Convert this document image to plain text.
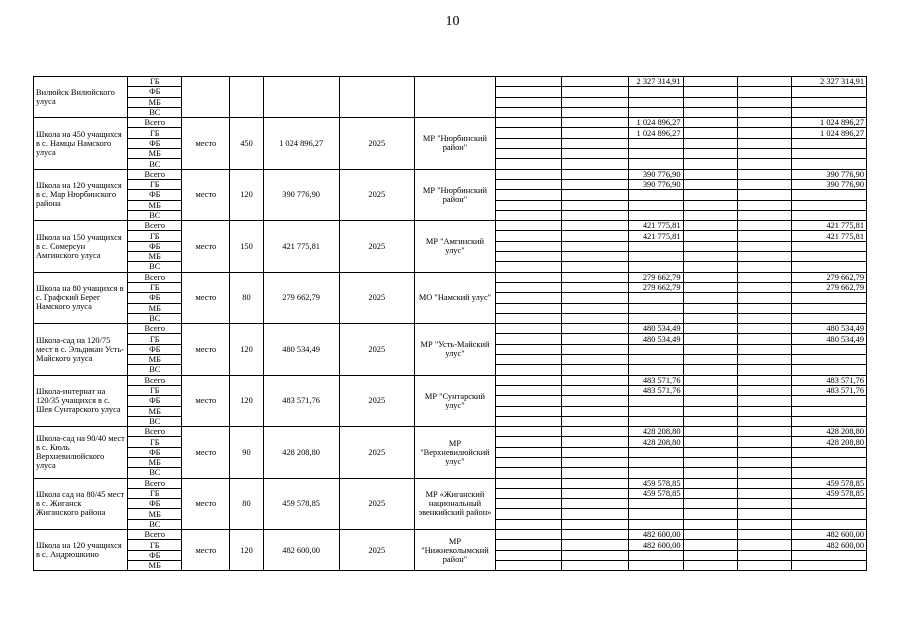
10
Вилюйск Вилюйского улуса	ГБ								2 327 314,91			2 327 314,91
	ФБ											
	МБ											
	ВС											
Школа на 450 учащихся в с. Намцы Намского улуса	Всего	место	450	1 024 896,27	2025	МР "Нюрбинский район"			1 024 896,27			1 024 896,27
	ГБ								1 024 896,27			1 024 896,27
	ФБ											
	МБ											
	ВС											
Школа на 120 учащихся в с. Мар Нюрбинского района	Всего	место	120	390 776,90	2025	МР "Нюрбинский район"			390 776,90			390 776,90
	ГБ								390 776,90			390 776,90
	ФБ											
	МБ											
	ВС											
Школа на 150 учащихся в с. Сомерсун Амгинского улуса	Всего	место	150	421 775,81	2025	МР "Амгинский улус"			421 775,81			421 775,81
	ГБ								421 775,81			421 775,81
	ФБ											
	МБ											
	ВС											
Школа на 80 учащихся в с. Графский Берег Намского улуса	Всего	место	80	279 662,79	2025	МО "Намский улус"			279 662,79			279 662,79
	ГБ								279 662,79			279 662,79
	ФБ											
	МБ											
	ВС											
Школа-сад на 120/75 мест в с. Эльдикан Усть-Майского улуса	Всего	место	120	480 534,49	2025	МР "Усть-Майский улус"			480 534,49			480 534,49
	ГБ								480 534,49			480 534,49
	ФБ											
	МБ											
	ВС											
Школа-интернат на 120/35 учащихся в с. Шея Сунтарского улуса	Всего	место	120	483 571,76	2025	МР "Сунтарский улус"			483 571,76			483 571,76
	ГБ								483 571,76			483 571,76
	ФБ											
	МБ											
	ВС											
Школа-сад на 90/40 мест в с. Кюль Верхневилюйского улуса	Всего	место	90	428 208,80	2025	МР "Верхневилюйский улус"			428 208,80			428 208,80
	ГБ								428 208,80			428 208,80
	ФБ											
	МБ											
	ВС											
Школа сад на 80/45 мест в с. Жиганск Жиганского района	Всего	место	80	459 578,85	2025	МР «Жиганский национальный эвенкийский район»			459 578,85			459 578,85
	ГБ								459 578,85			459 578,85
	ФБ											
	МБ											
	ВС											
Школа на 120 учащихся в с. Андрюшкино	Всего	место	120	482 600,00	2025	МР "Нижнеколымский район"			482 600,00			482 600,00
	ГБ								482 600,00			482 600,00
	ФБ											
	МБ											
